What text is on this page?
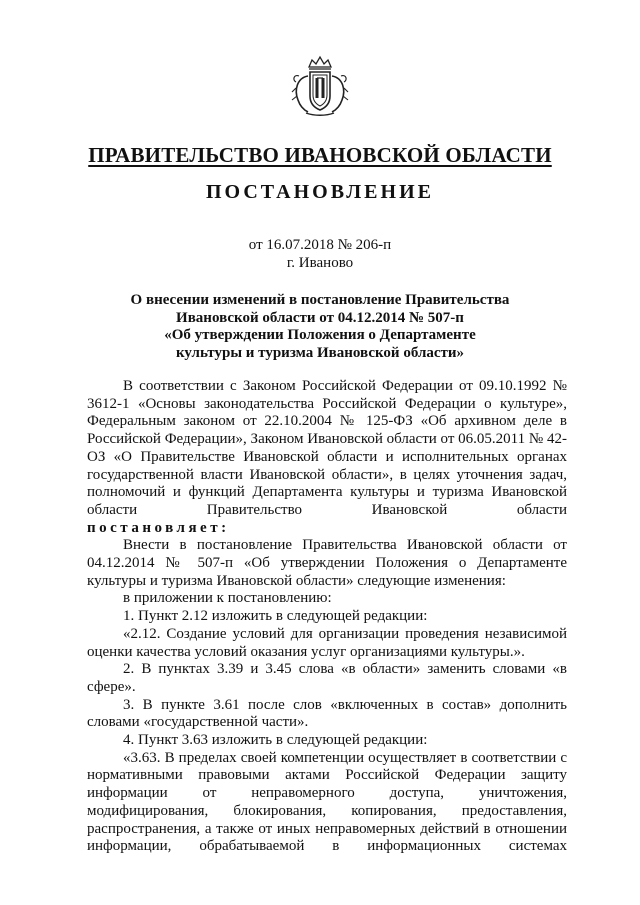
ПРАВИТЕЛЬСТВО ИВАНОВСКОЙ ОБЛАСТИ
ПОСТАНОВЛЕНИЕ
от 16.07.2018 № 206-п
г. Иваново
О внесении изменений в постановление Правительства
Ивановской области от 04.12.2014 № 507-п
«Об утверждении Положения о Департаменте
культуры и туризма Ивановской области»

В соответствии с Законом Российской Федерации от 09.10.1992 № 3612-1 «Основы законодательства Российской Федерации о культуре», Федеральным законом от 22.10.2004 № 125-ФЗ «Об архивном деле в Российской Федерации», Законом Ивановской области от 06.05.2011 № 42-ОЗ «О Правительстве Ивановской области и исполнительных органах государственной власти Ивановской области», в целях уточнения задач, полномочий и функций Департамента культуры и туризма Ивановской области Правительство Ивановской области

постановляет:

Внести в постановление Правительства Ивановской области от 04.12.2014 № 507-п «Об утверждении Положения о Департаменте культуры и туризма Ивановской области» следующие изменения:

в приложении к постановлению:

1. Пункт 2.12 изложить в следующей редакции:

«2.12. Создание условий для организации проведения независимой оценки качества условий оказания услуг организациями культуры.».

2. В пунктах 3.39 и 3.45 слова «в области» заменить словами «в сфере».

3. В пункте 3.61 после слов «включенных в состав» дополнить словами «государственной части».

4. Пункт 3.63 изложить в следующей редакции:

«3.63. В пределах своей компетенции осуществляет в соответствии с нормативными правовыми актами Российской Федерации защиту информации от неправомерного доступа, уничтожения, модифицирования, блокирования, копирования, предоставления, распространения, а также от иных неправомерных действий в отношении информации, обрабатываемой в информационных системах
